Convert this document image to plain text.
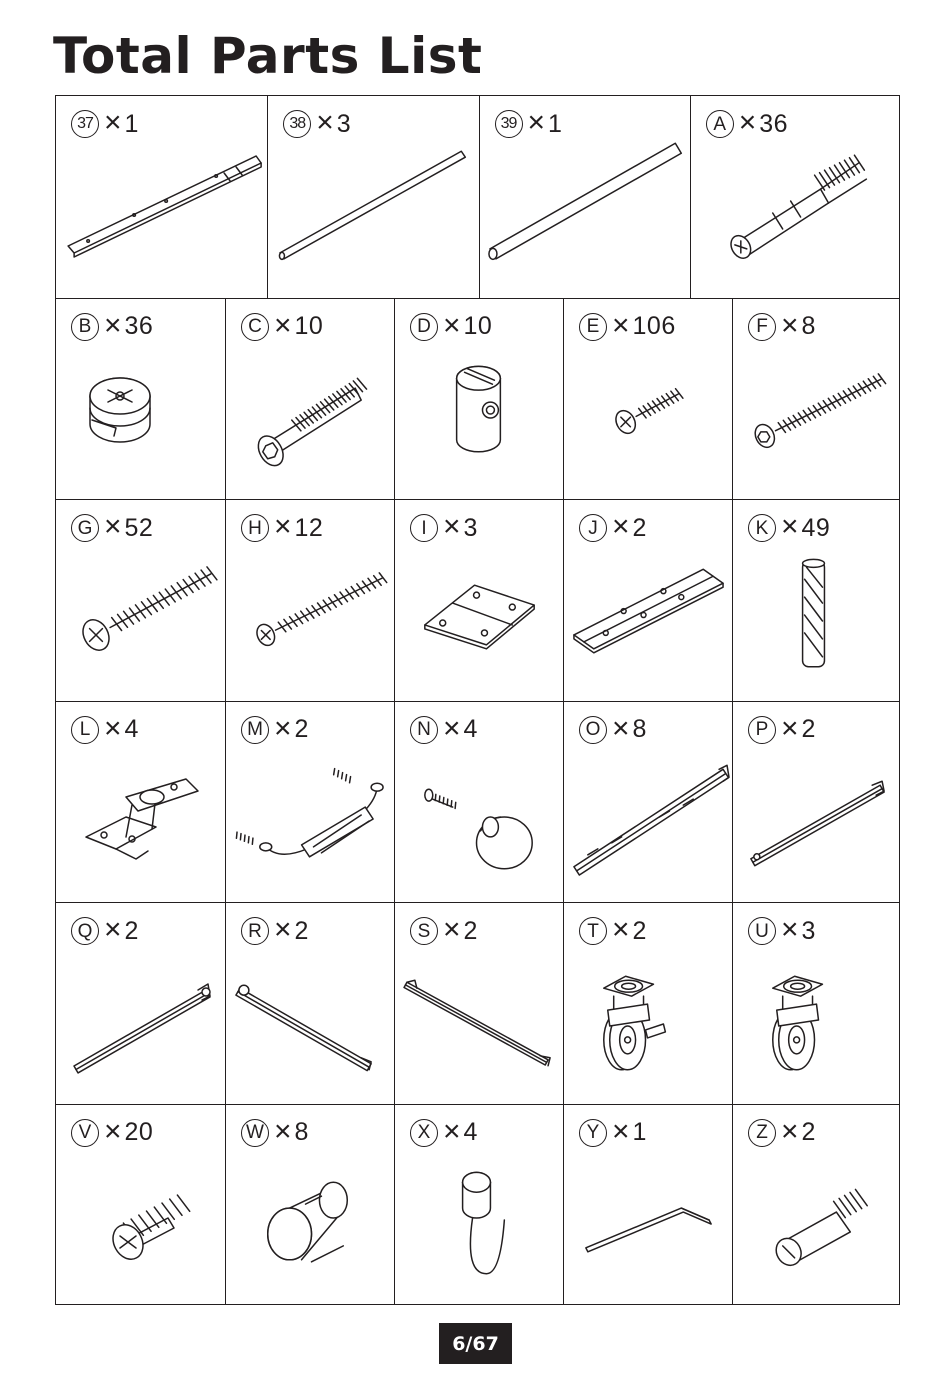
Total Parts List
37 × 1	38 × 3	39 × 1	A × 36
B × 36	C × 10	D × 10	E × 106	F × 8
G × 52	H × 12	I × 3	J × 2	K × 49
L × 4	M × 2	N × 4	O × 8	P × 2
Q × 2	R × 2	S × 2	T × 2	U × 3
V × 20	W × 8	X × 4	Y × 1	Z × 2
6/67
